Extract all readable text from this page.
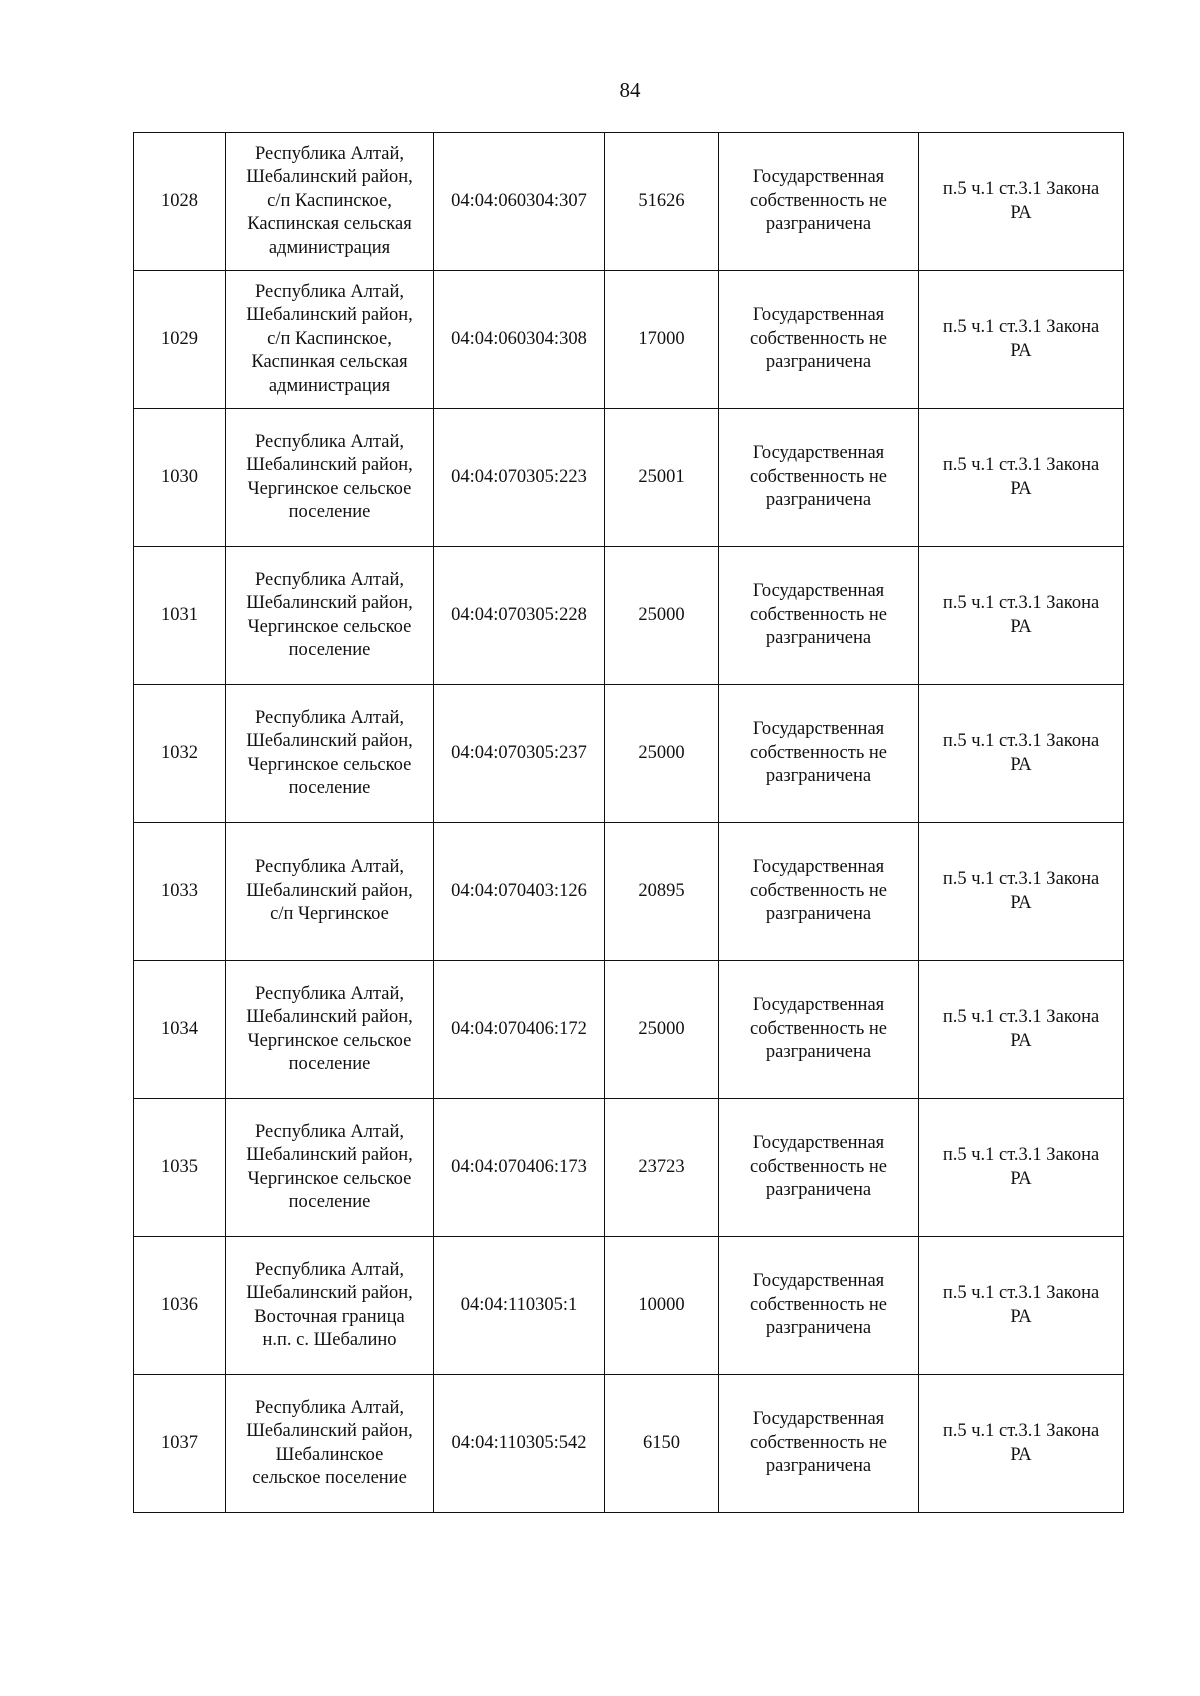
84
1028	Республика Алтай,
Шебалинский район,
с/п Каспинское,
Каспинская сельская
администрация	04:04:060304:307	51626	Государственная
собственность не
разграничена	п.5 ч.1 ст.3.1 Закона
РА

1029	Республика Алтай,
Шебалинский район,
с/п Каспинское,
Каспинкая сельская
администрация	04:04:060304:308	17000	Государственная
собственность не
разграничена	п.5 ч.1 ст.3.1 Закона
РА

1030	Республика Алтай,
Шебалинский район,
Чергинское сельское
поселение	04:04:070305:223	25001	Государственная
собственность не
разграничена	п.5 ч.1 ст.3.1 Закона
РА

1031	Республика Алтай,
Шебалинский район,
Чергинское сельское
поселение	04:04:070305:228	25000	Государственная
собственность не
разграничена	п.5 ч.1 ст.3.1 Закона
РА

1032	Республика Алтай,
Шебалинский район,
Чергинское сельское
поселение	04:04:070305:237	25000	Государственная
собственность не
разграничена	п.5 ч.1 ст.3.1 Закона
РА

1033	Республика Алтай,
Шебалинский район,
с/п Чергинское	04:04:070403:126	20895	Государственная
собственность не
разграничена	п.5 ч.1 ст.3.1 Закона
РА

1034	Республика Алтай,
Шебалинский район,
Чергинское сельское
поселение	04:04:070406:172	25000	Государственная
собственность не
разграничена	п.5 ч.1 ст.3.1 Закона
РА

1035	Республика Алтай,
Шебалинский район,
Чергинское сельское
поселение	04:04:070406:173	23723	Государственная
собственность не
разграничена	п.5 ч.1 ст.3.1 Закона
РА

1036	Республика Алтай,
Шебалинский район,
Восточная граница
н.п. с. Шебалино	04:04:110305:1	10000	Государственная
собственность не
разграничена	п.5 ч.1 ст.3.1 Закона
РА

1037	Республика Алтай,
Шебалинский район,
Шебалинское
сельское поселение	04:04:110305:542	6150	Государственная
собственность не
разграничена	п.5 ч.1 ст.3.1 Закона
РА
